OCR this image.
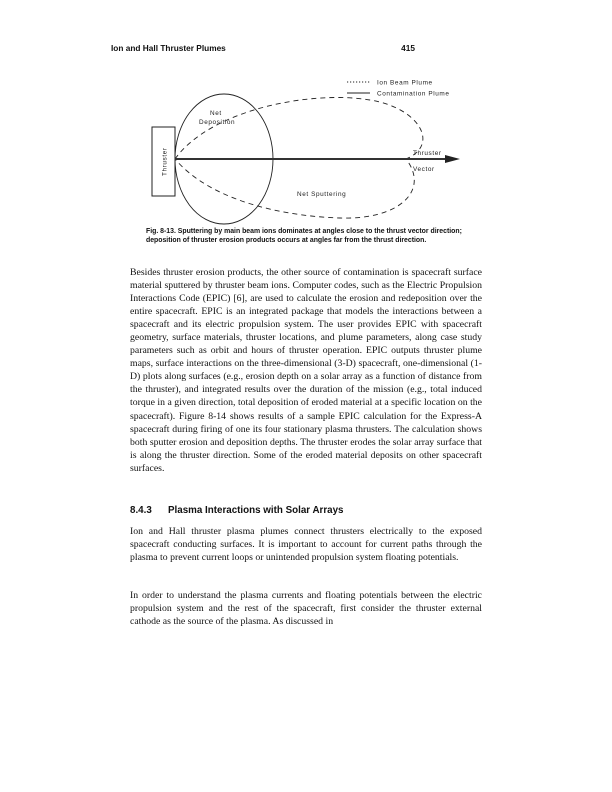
Ion and Hall Thruster Plumes	415
Ion Beam Plume
Contamination Plume
Thruster
Net
Deposition
Thruster
Vector
Net Sputtering
Fig. 8-13. Sputtering by main beam ions dominates at angles close to the thrust vector direction; deposition of thruster erosion products occurs at angles far from the thrust direction.
Besides thruster erosion products, the other source of contamination is spacecraft surface material sputtered by thruster beam ions. Computer codes, such as the Electric Propulsion Interactions Code (EPIC) [6], are used to calculate the erosion and redeposition over the entire spacecraft. EPIC is an integrated package that models the interactions between a spacecraft and its electric propulsion system. The user provides EPIC with spacecraft geometry, surface materials, thruster locations, and plume parameters, along case study parameters such as orbit and hours of thruster operation. EPIC outputs thruster plume maps, surface interactions on the three-dimensional (3-D) spacecraft, one-dimensional (1-D) plots along surfaces (e.g., erosion depth on a solar array as a function of distance from the thruster), and integrated results over the duration of the mission (e.g., total induced torque in a given direction, total deposition of eroded material at a specific location on the spacecraft). Figure 8-14 shows results of a sample EPIC calculation for the Express-A spacecraft during firing of one its four stationary plasma thrusters. The calculation shows both sputter erosion and deposition depths. The thruster erodes the solar array surface that is along the thruster direction. Some of the eroded material deposits on other spacecraft surfaces.
8.4.3 Plasma Interactions with Solar Arrays
Ion and Hall thruster plasma plumes connect thrusters electrically to the exposed spacecraft conducting surfaces. It is important to account for current paths through the plasma to prevent current loops or unintended propulsion system floating potentials.
In order to understand the plasma currents and floating potentials between the electric propulsion system and the rest of the spacecraft, first consider the thruster external cathode as the source of the plasma. As discussed in
